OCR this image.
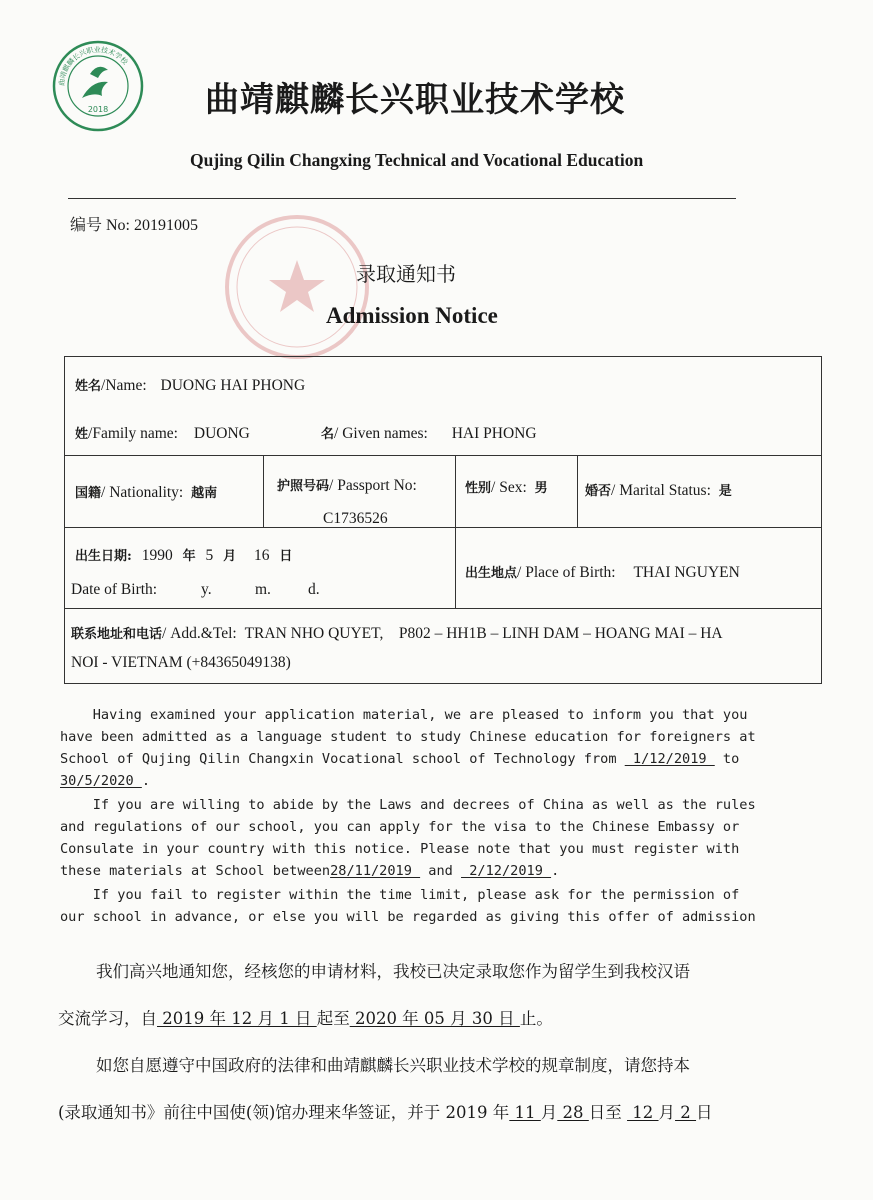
曲靖麒麟长兴职业技术学校
2018	曲靖麒麟长兴职业技术学校
Qujing Qilin Changxing Technical and Vocational Education
编号 No: 20191005
录取通知书
Admission Notice
姓名/Name: DUONG HAI PHONG
姓/Family name: DUONG	名/ Given names: HAI PHONG
国籍/ Nationality: 越南	护照号码/ Passport No:
C1736526
性别/ Sex: 男	婚否/ Marital Status: 是
出生日期: 1990 年 5 月 16 日
Date of Birth:	y.	m. d.
出生地点/ Place of Birth: THAI NGUYEN
联系地址和电话/ Add.&Tel: TRAN NHO QUYET,    P802 – HH1B – LINH DAM – HOANG MAI – HA
NOI - VIETNAM (+84365049138)
Having examined your application material, we are pleased to inform you that you
have been admitted as a language student to study Chinese education for foreigners at
School of Qujing Qilin Changxin Vocational school of Technology from  1/12/2019  to
30/5/2020 .
If you are willing to abide by the Laws and decrees of China as well as the rules
and regulations of our school, you can apply for the visa to the Chinese Embassy or
Consulate in your country with this notice. Please note that you must register with
these materials at School between28/11/2019  and  2/12/2019 .
If you fail to register within the time limit, please ask for the permission of
our school in advance, or else you will be regarded as giving this offer of admission
我们高兴地通知您，经核您的申请材料，我校已决定录取您作为留学生到我校汉语
交流学习，自 2019 年 12 月 1 日 起至 2020 年 05 月 30 日 止。
如您自愿遵守中国政府的法律和曲靖麒麟长兴职业技术学校的规章制度，请您持本
(录取通知书》前往中国使(领)馆办理来华签证，并于 2019 年 11 月 28 日至  12 月 2 日
